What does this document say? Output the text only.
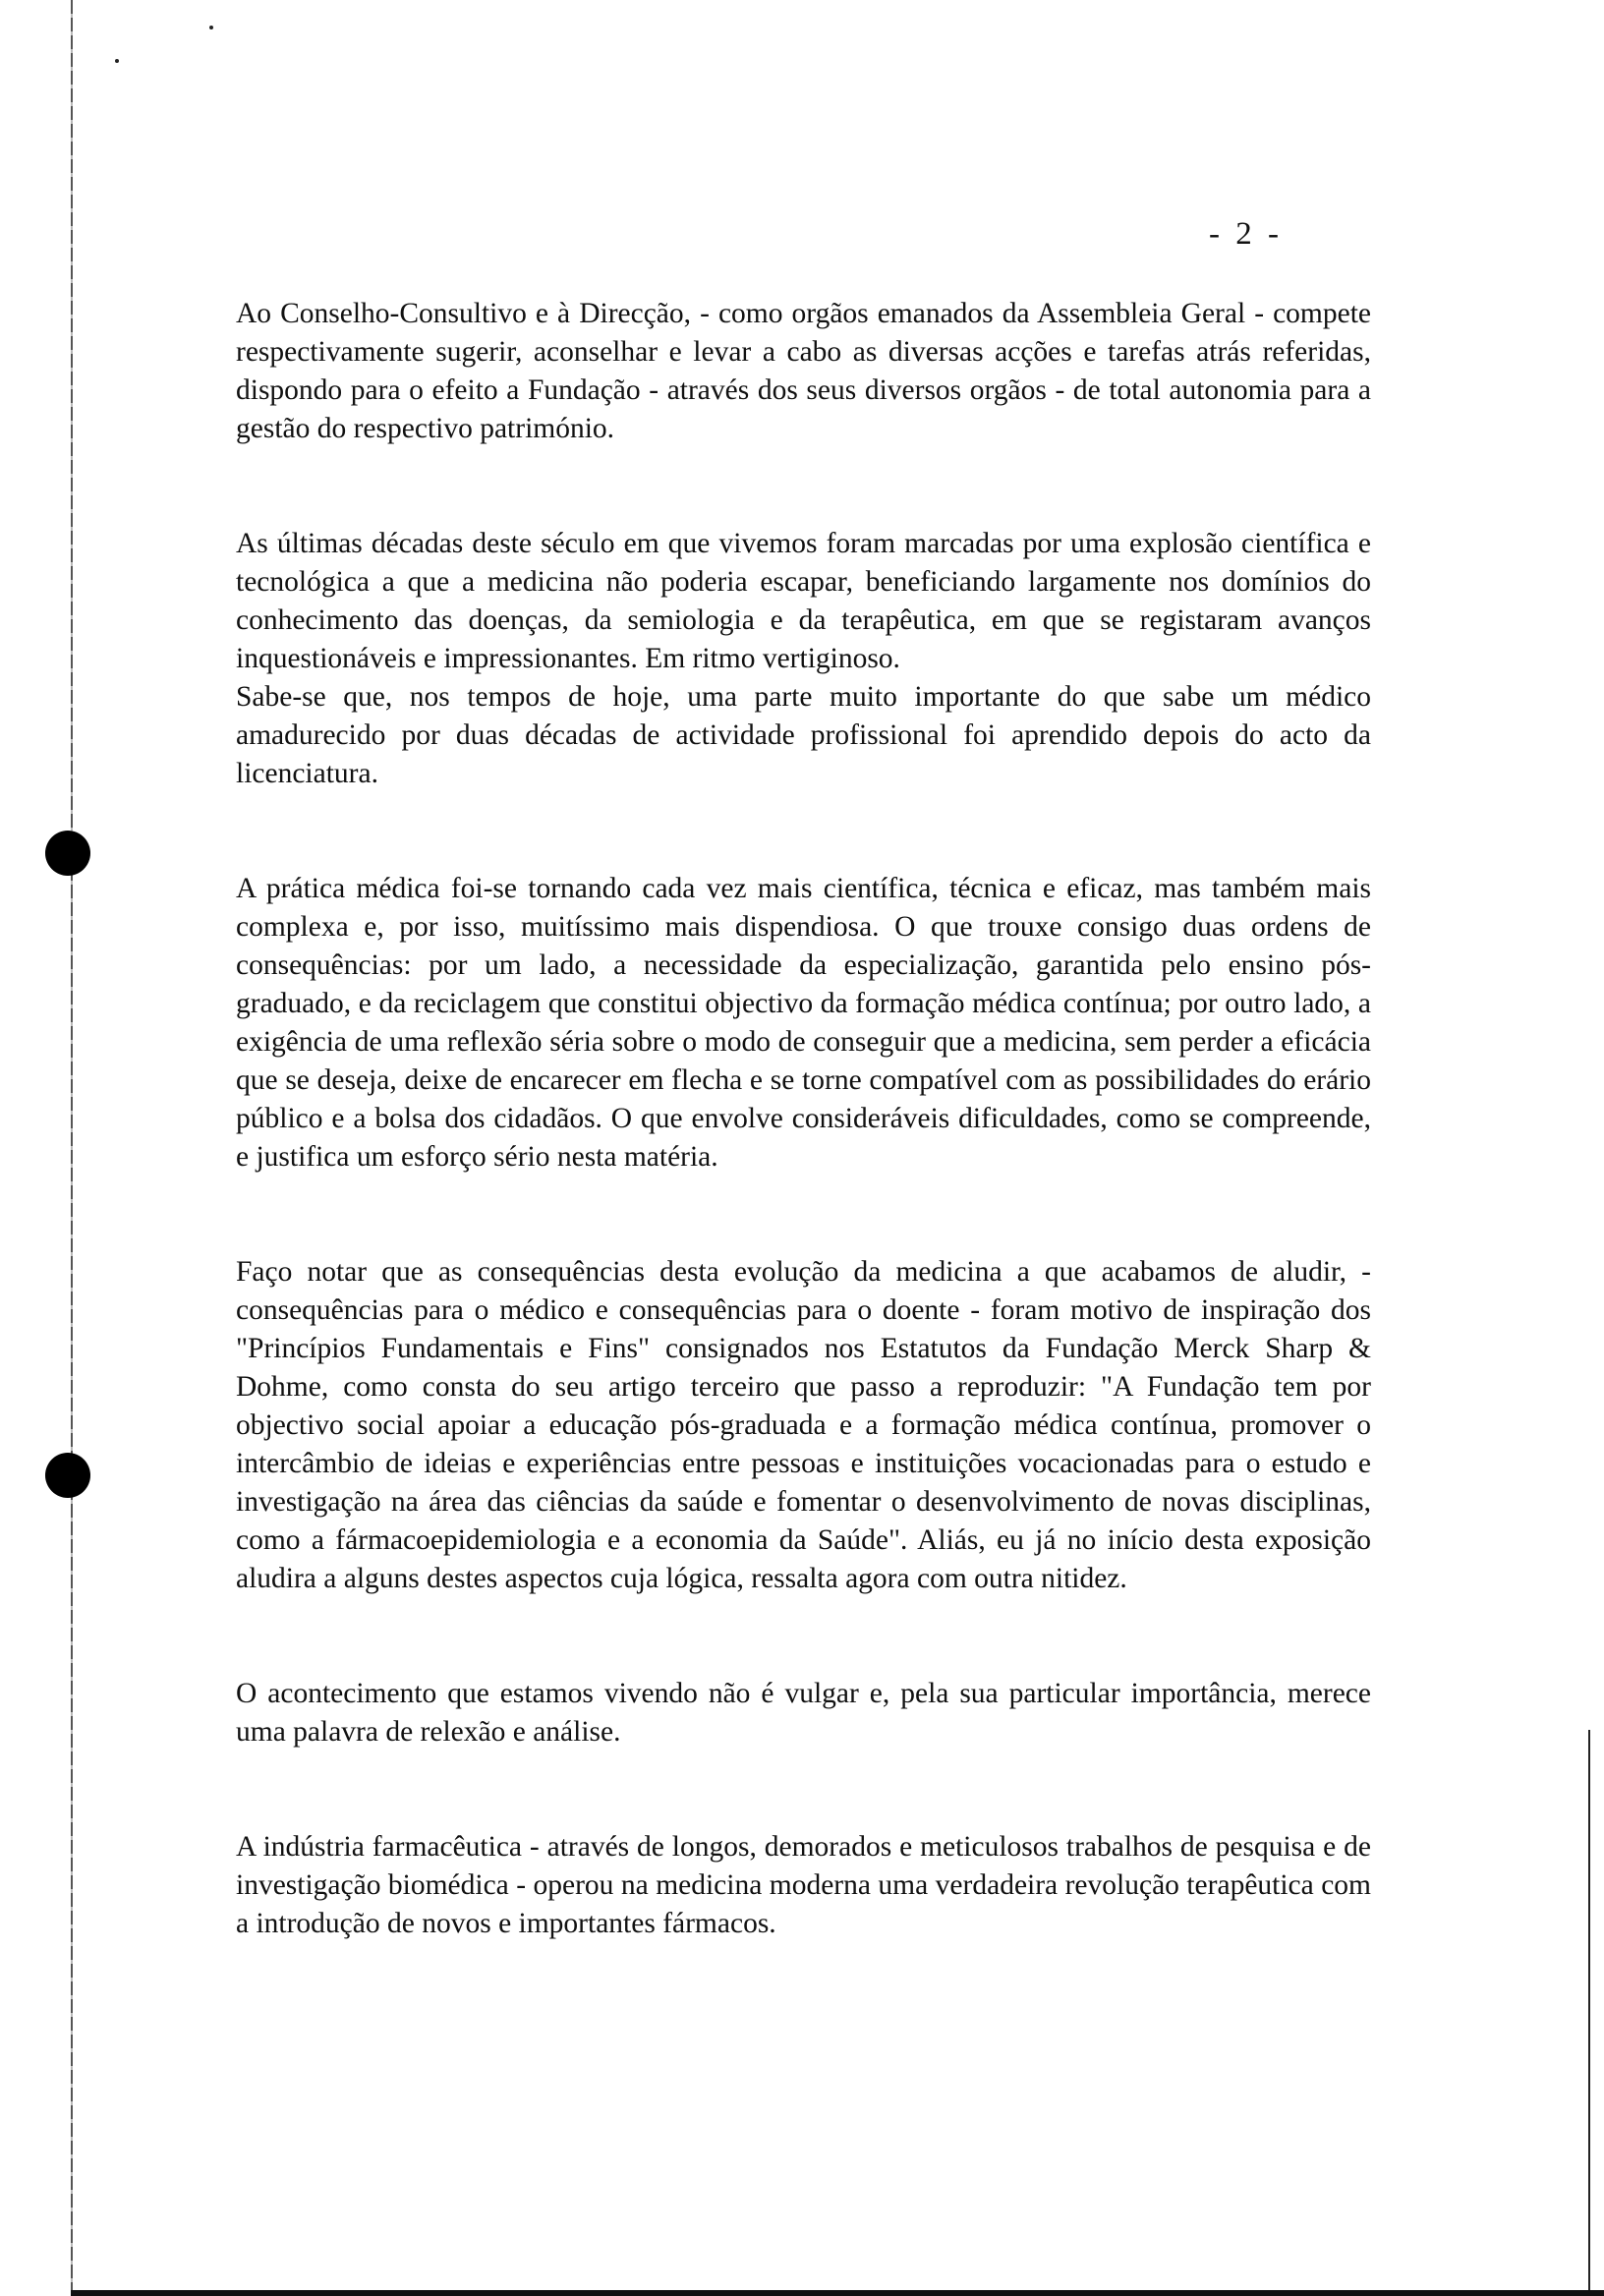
- 2 -

Ao Conselho-Consultivo e à Direcção, - como orgãos emanados da Assembleia Geral - compete respectivamente sugerir, aconselhar e levar a cabo as diversas acções e tarefas atrás referidas, dispondo para o efeito a Fundação - através dos seus diversos orgãos - de total autonomia para a gestão do respectivo património.

As últimas décadas deste século em que vivemos foram marcadas por uma explosão científica e tecnológica a que a medicina não poderia escapar, beneficiando largamente nos domínios do conhecimento das doenças, da semiologia e da terapêutica, em que se registaram avanços inquestionáveis e impressionantes. Em ritmo vertiginoso.

Sabe-se que, nos tempos de hoje, uma parte muito importante do que sabe um médico amadurecido por duas décadas de actividade profissional foi aprendido depois do acto da licenciatura.

A prática médica foi-se tornando cada vez mais científica, técnica e eficaz, mas também mais complexa e, por isso, muitíssimo mais dispendiosa. O que trouxe consigo duas ordens de consequências: por um lado, a necessidade da especialização, garantida pelo ensino pós-graduado, e da reciclagem que constitui objectivo da formação médica contínua; por outro lado, a exigência de uma reflexão séria sobre o modo de conseguir que a medicina, sem perder a eficácia que se deseja, deixe de encarecer em flecha e se torne compatível com as possibilidades do erário público e a bolsa dos cidadãos. O que envolve consideráveis dificuldades, como se compreende, e justifica um esforço sério nesta matéria.

Faço notar que as consequências desta evolução da medicina a que acabamos de aludir, - consequências para o médico e consequências para o doente - foram motivo de inspiração dos "Princípios Fundamentais e Fins" consignados nos Estatutos da Fundação Merck Sharp & Dohme, como consta do seu artigo terceiro que passo a reproduzir: "A Fundação tem por objectivo social apoiar a educação pós-graduada e a formação médica contínua, promover o intercâmbio de ideias e experiências entre pessoas e instituições vocacionadas para o estudo e investigação na área das ciências da saúde e fomentar o desenvolvimento de novas disciplinas, como a fármacoepidemiologia e a economia da Saúde". Aliás, eu já no início desta exposição aludira a alguns destes aspectos cuja lógica, ressalta agora com outra nitidez.

O acontecimento que estamos vivendo não é vulgar e, pela sua particular importância, merece uma palavra de relexão e análise.

A indústria farmacêutica - através de longos, demorados e meticulosos trabalhos de pesquisa e de investigação biomédica - operou na medicina moderna uma verdadeira revolução terapêutica com a introdução de novos e importantes fármacos.
